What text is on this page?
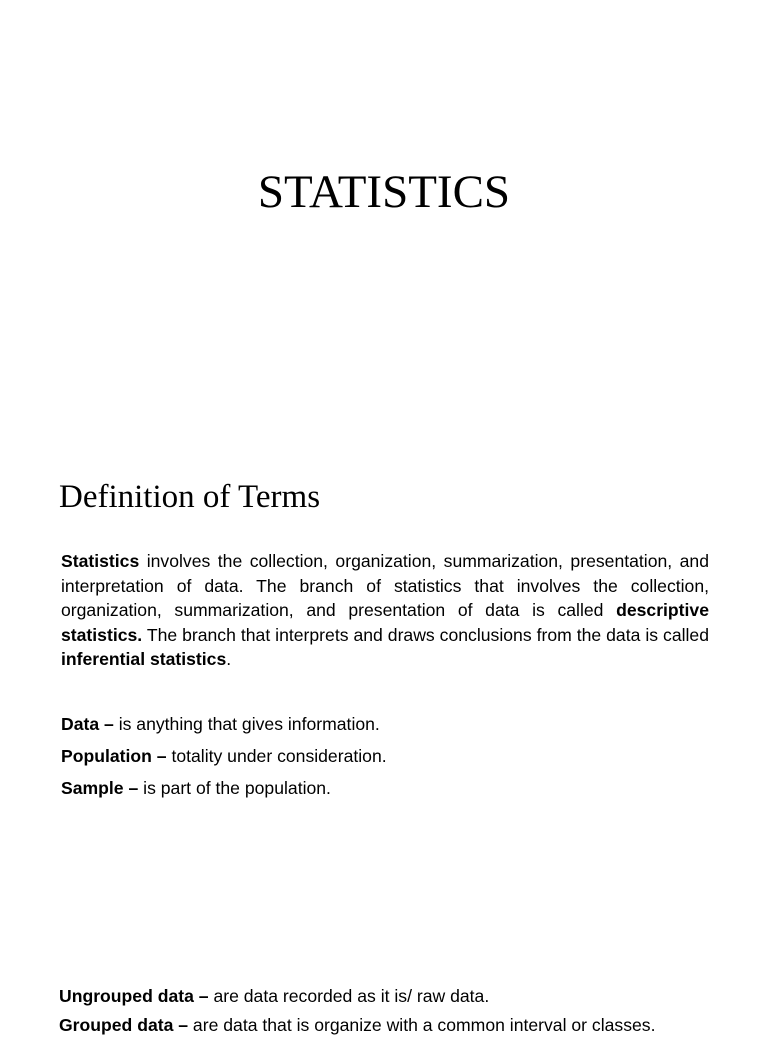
STATISTICS
Definition of Terms

Statistics involves the collection, organization, summarization, presentation, and interpretation of data. The branch of statistics that involves the collection, organization, summarization, and presentation of data is called descriptive statistics. The branch that interprets and draws conclusions from the data is called inferential statistics.

Data – is anything that gives information.
Population – totality under consideration.
Sample – is part of the population.
Ungrouped data – are data recorded as it is/ raw data.
Grouped data – are data that is organize with a common interval or classes.
